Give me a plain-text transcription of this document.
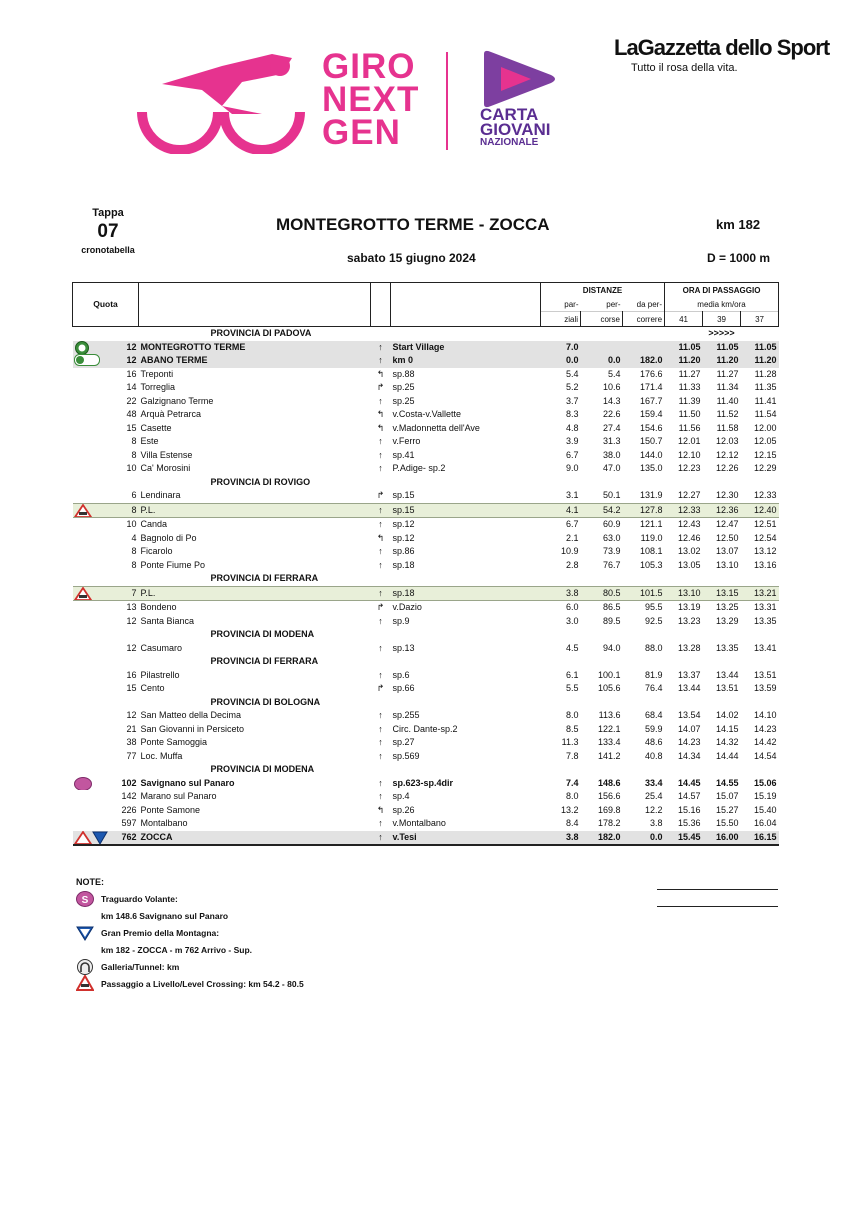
GIRO
NEXT
GEN	CARTA
GIOVANI
NAZIONALE
LaGazzetta dello Sport
Tutto il rosa della vita.
Tappa
07
cronotabella
MONTEGROTTO TERME - ZOCCA	km 182
sabato 15 giugno 2024	D = 1000 m
Quota				DISTANZE			ORA DI PASSAGGIO		
				par-	per-	da per-	media km/ora		
				ziali	corse	correre	41	39	37
	PROVINCIA DI PADOVA						>>>>>		

12	MONTEGROTTO TERME	↑	Start Village	7.0			11.05	11.05	11.05

12	ABANO TERME	↑	km 0	0.0	0.0	182.0	11.20	11.20	11.20
16	Treponti	↰	sp.88	5.4	5.4	176.6	11.27	11.27	11.28
14	Torreglia	↱	sp.25	5.2	10.6	171.4	11.33	11.34	11.35
22	Galzignano Terme	↑	sp.25	3.7	14.3	167.7	11.39	11.40	11.41
48	Arquà Petrarca	↰	v.Costa-v.Vallette	8.3	22.6	159.4	11.50	11.52	11.54
15	Casette	↰	v.Madonnetta dell'Ave	4.8	27.4	154.6	11.56	11.58	12.00
8	Este	↑	v.Ferro	3.9	31.3	150.7	12.01	12.03	12.05
8	Villa Estense	↑	sp.41	6.7	38.0	144.0	12.10	12.12	12.15
10	Ca' Morosini	↑	P.Adige- sp.2	9.0	47.0	135.0	12.23	12.26	12.29
	PROVINCIA DI ROVIGO								
6	Lendinara	↱	sp.15	3.1	50.1	131.9	12.27	12.30	12.33

8	P.L.	↑	sp.15	4.1	54.2	127.8	12.33	12.36	12.40
10	Canda	↑	sp.12	6.7	60.9	121.1	12.43	12.47	12.51
4	Bagnolo di Po	↰	sp.12	2.1	63.0	119.0	12.46	12.50	12.54
8	Ficarolo	↑	sp.86	10.9	73.9	108.1	13.02	13.07	13.12
8	Ponte Fiume Po	↑	sp.18	2.8	76.7	105.3	13.05	13.10	13.16
	PROVINCIA DI FERRARA								

7	P.L.	↑	sp.18	3.8	80.5	101.5	13.10	13.15	13.21
13	Bondeno	↱	v.Dazio	6.0	86.5	95.5	13.19	13.25	13.31
12	Santa Bianca	↑	sp.9	3.0	89.5	92.5	13.23	13.29	13.35
	PROVINCIA DI MODENA								
12	Casumaro	↑	sp.13	4.5	94.0	88.0	13.28	13.35	13.41
	PROVINCIA DI FERRARA								
16	Pilastrello	↑	sp.6	6.1	100.1	81.9	13.37	13.44	13.51
15	Cento	↱	sp.66	5.5	105.6	76.4	13.44	13.51	13.59
	PROVINCIA DI BOLOGNA								
12	San Matteo della Decima	↑	sp.255	8.0	113.6	68.4	13.54	14.02	14.10
21	San Giovanni in Persiceto	↑	Circ. Dante-sp.2	8.5	122.1	59.9	14.07	14.15	14.23
38	Ponte Samoggia	↑	sp.27	11.3	133.4	48.6	14.23	14.32	14.42
77	Loc. Muffa	↑	sp.569	7.8	141.2	40.8	14.34	14.44	14.54
	PROVINCIA DI MODENA								

102	Savignano sul Panaro	↑	sp.623-sp.4dir	7.4	148.6	33.4	14.45	14.55	15.06
142	Marano sul Panaro	↑	sp.4	8.0	156.6	25.4	14.57	15.07	15.19
226	Ponte Samone	↰	sp.26	13.2	169.8	12.2	15.16	15.27	15.40
597	Montalbano	↑	v.Montalbano	8.4	178.2	3.8	15.36	15.50	16.04

762	ZOCCA	↑	v.Tesi	3.8	182.0	0.0	15.45	16.00	16.15
NOTE:
S Traguardo Volante:
km 148.6 Savignano sul Panaro
Gran Premio della Montagna:
km 182 - ZOCCA - m 762 Arrivo - Sup.
Galleria/Tunnel: km
Passaggio a Livello/Level Crossing: km 54.2 - 80.5
